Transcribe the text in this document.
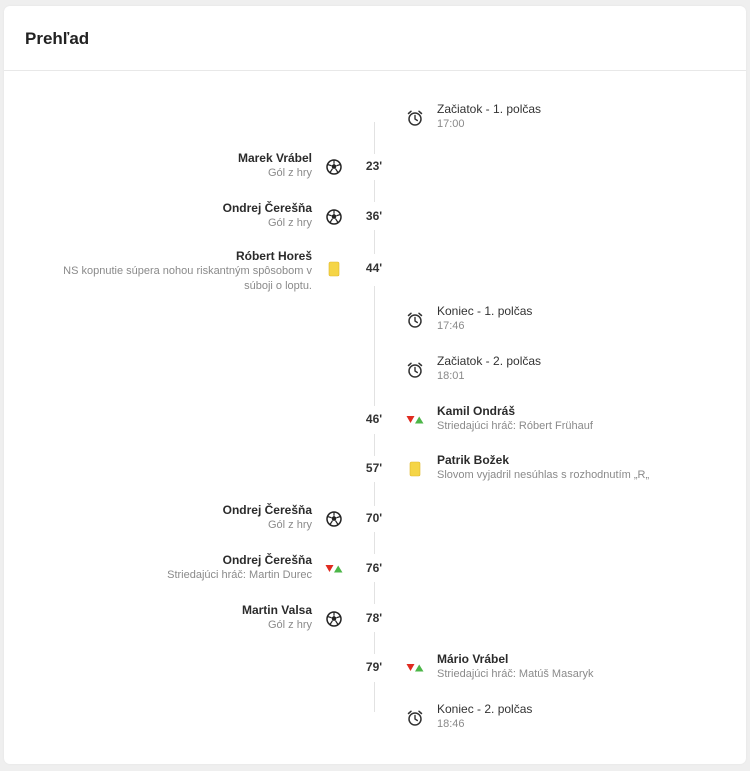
Prehľad
Začiatok - 1. polčas
17:00
23'
Marek Vrábel
Gól z hry
36'
Ondrej Čerešňa
Gól z hry
44'
Róbert Horeš
NS kopnutie súpera nohou riskantným spôsobom v súboji o loptu.
Koniec - 1. polčas
17:46
Začiatok - 2. polčas
18:01
46'
Kamil Ondráš
Striedajúci hráč: Róbert Frühauf
57'
Patrik Božek
Slovom vyjadril nesúhlas s rozhodnutím „R„
70'
Ondrej Čerešňa
Gól z hry
76'
Ondrej Čerešňa
Striedajúci hráč: Martin Durec
78'
Martin Valsa
Gól z hry
79'
Mário Vrábel
Striedajúci hráč: Matúš Masaryk
Koniec - 2. polčas
18:46
